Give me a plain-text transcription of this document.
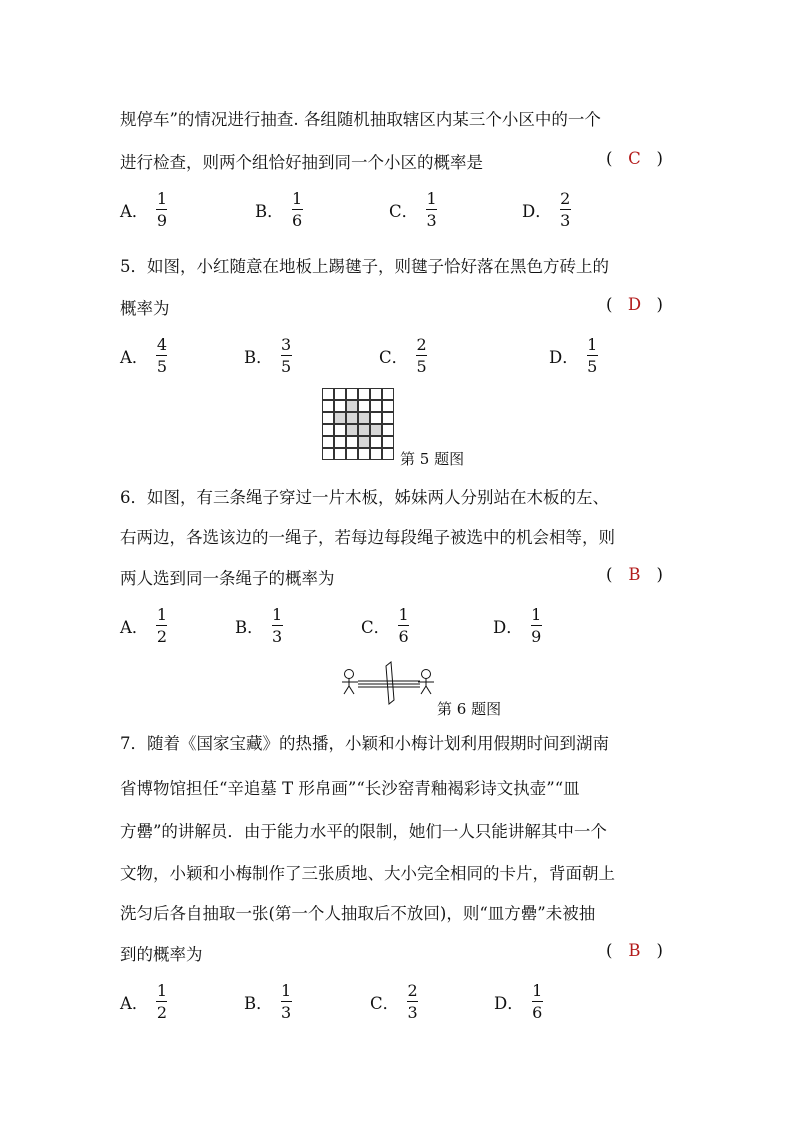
规停车”的情况进行抽查. 各组随机抽取辖区内某三个小区中的一个
进行检查，则两个组恰好抽到同一个小区的概率是	( C )
A． $\frac{1}{9}$	B． $\frac{1}{6}$	C． $\frac{1}{3}$	D． $\frac{2}{3}$
5．如图，小红随意在地板上踢毽子，则毽子恰好落在黑色方砖上的
概率为	( D )
A． $\frac{4}{5}$	B． $\frac{3}{5}$	C． $\frac{2}{5}$	D． $\frac{1}{5}$
第 5 题图
6．如图，有三条绳子穿过一片木板，姊妹两人分别站在木板的左、
右两边，各选该边的一绳子，若每边每段绳子被选中的机会相等，则
两人选到同一条绳子的概率为	( B )
A． $\frac{1}{2}$	B． $\frac{1}{3}$	C． $\frac{1}{6}$	D． $\frac{1}{9}$
第 6 题图
7．随着《国家宝藏》的热播，小颖和小梅计划利用假期时间到湖南
省博物馆担任“辛追墓 T 形帛画”“长沙窑青釉褐彩诗文执壶”“皿
方罍”的讲解员．由于能力水平的限制，她们一人只能讲解其中一个
文物，小颖和小梅制作了三张质地、大小完全相同的卡片，背面朝上
洗匀后各自抽取一张(第一个人抽取后不放回)，则“皿方罍”未被抽
到的概率为	( B )
A． $\frac{1}{2}$	B． $\frac{1}{3}$	C． $\frac{2}{3}$	D． $\frac{1}{6}$
